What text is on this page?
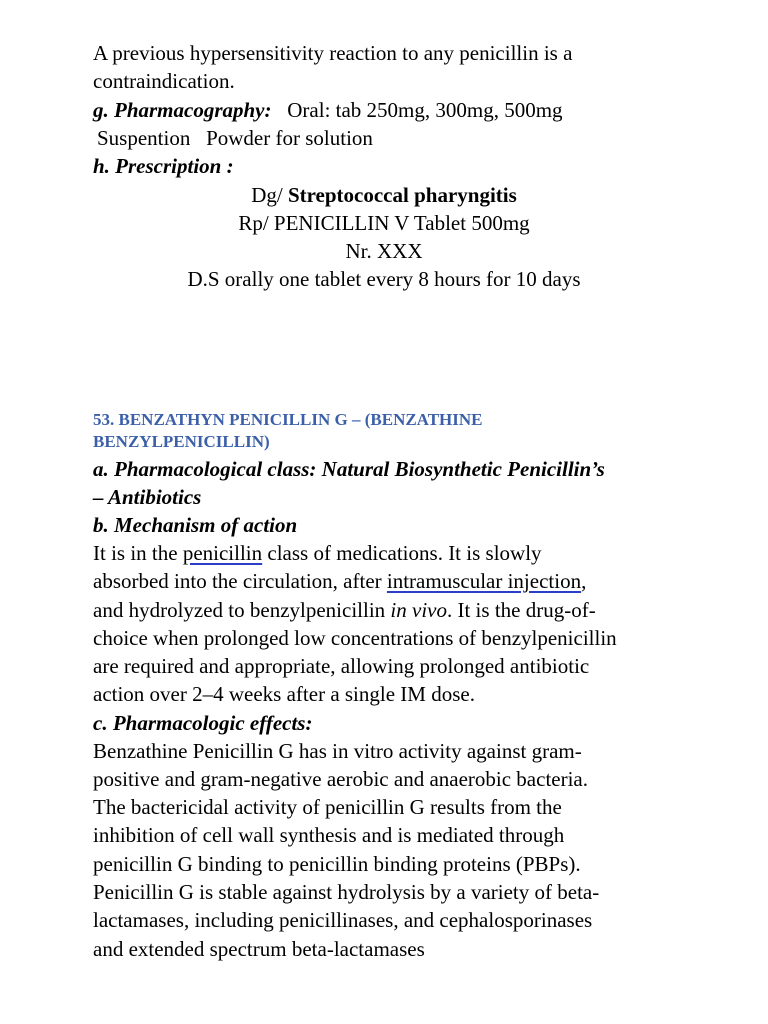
A previous hypersensitivity reaction to any penicillin is a
contraindication.
g. Pharmacography: Oral: tab 250mg, 300mg, 500mg
Suspention   Powder for solution
h. Prescription :
Dg/ Streptococcal pharyngitis
Rp/ PENICILLIN V Tablet 500mg
Nr. XXX
D.S orally one tablet every 8 hours for 10 days
53. BENZATHYN PENICILLIN G – (BENZATHINE
BENZYLPENICILLIN)
a. Pharmacological class: Natural Biosynthetic Penicillin’s
– Antibiotics
b. Mechanism of action
It is in the penicillin class of medications. It is slowly
absorbed into the circulation, after intramuscular injection,
and hydrolyzed to benzylpenicillin in vivo. It is the drug-of-
choice when prolonged low concentrations of benzylpenicillin
are required and appropriate, allowing prolonged antibiotic
action over 2–4 weeks after a single IM dose.
c. Pharmacologic effects:
Benzathine Penicillin G has in vitro activity against gram-
positive and gram-negative aerobic and anaerobic bacteria.
The bactericidal activity of penicillin G results from the
inhibition of cell wall synthesis and is mediated through
penicillin G binding to penicillin binding proteins (PBPs).
Penicillin G is stable against hydrolysis by a variety of beta-
lactamases, including penicillinases, and cephalosporinases
and extended spectrum beta-lactamases
